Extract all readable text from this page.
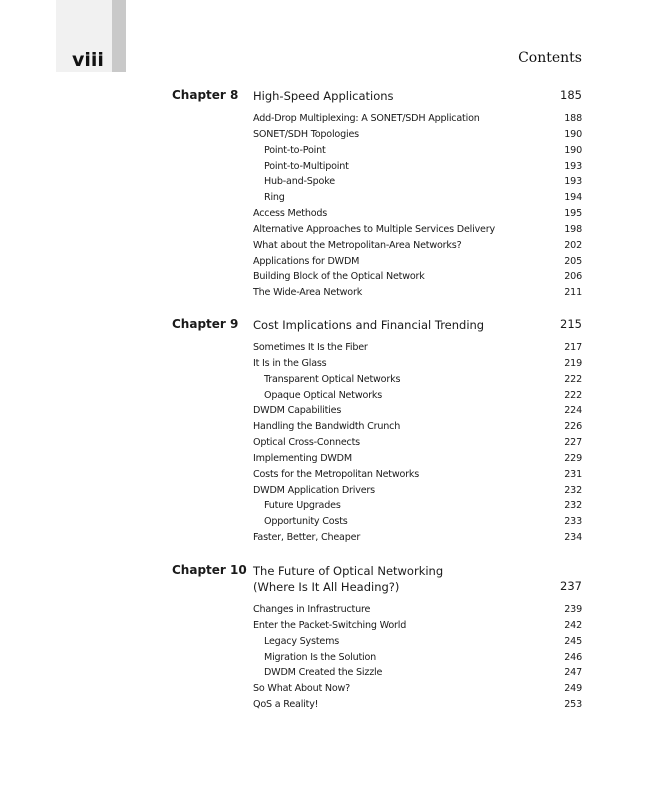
viii	Contents
Chapter 8 High-Speed Applications	185
Add-Drop Multiplexing: A SONET/SDH Application	188
SONET/SDH Topologies	190
Point-to-Point	190
Point-to-Multipoint	193
Hub-and-Spoke	193
Ring	194
Access Methods	195
Alternative Approaches to Multiple Services Delivery	198
What about the Metropolitan-Area Networks?	202
Applications for DWDM	205
Building Block of the Optical Network	206
The Wide-Area Network	211
Chapter 9 Cost Implications and Financial Trending	215
Sometimes It Is the Fiber	217
It Is in the Glass	219
Transparent Optical Networks	222
Opaque Optical Networks	222
DWDM Capabilities	224
Handling the Bandwidth Crunch	226
Optical Cross-Connects	227
Implementing DWDM	229
Costs for the Metropolitan Networks	231
DWDM Application Drivers	232
Future Upgrades	232
Opportunity Costs	233
Faster, Better, Cheaper	234
Chapter 10 The Future of Optical Networking
(Where Is It All Heading?)	237
Changes in Infrastructure	239
Enter the Packet-Switching World	242
Legacy Systems	245
Migration Is the Solution	246
DWDM Created the Sizzle	247
So What About Now?	249
QoS a Reality!	253
